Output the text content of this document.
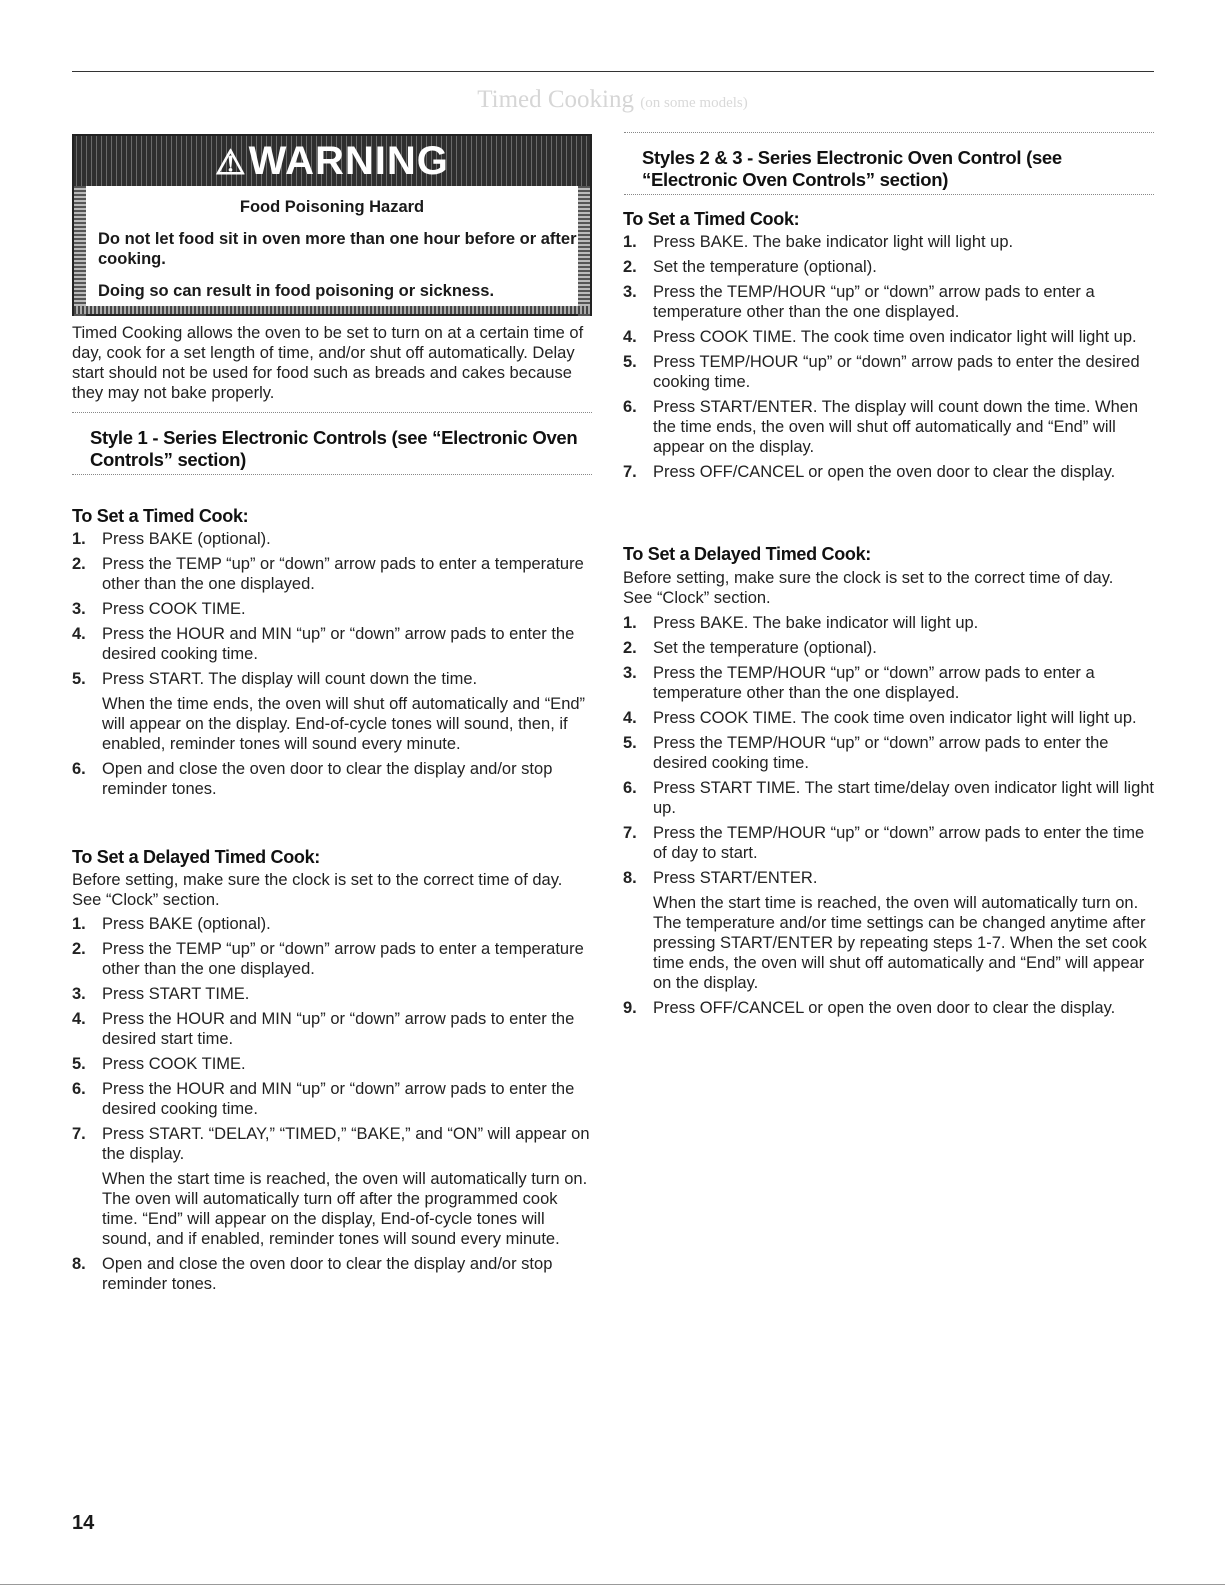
Timed Cooking (on some models)
⚠WARNING
Food Poisoning Hazard
Do not let food sit in oven more than one hour before or after cooking.
Doing so can result in food poisoning or sickness.

Timed Cooking allows the oven to be set to turn on at a certain time of day, cook for a set length of time, and/or shut off automatically. Delay start should not be used for food such as breads and cakes because they may not bake properly.

Style 1 - Series Electronic Controls (see “Electronic Oven Controls” section)
To Set a Timed Cook:
1. Press BAKE (optional).
2. Press the TEMP “up” or “down” arrow pads to enter a temperature other than the one displayed.
3. Press COOK TIME.
4. Press the HOUR and MIN “up” or “down” arrow pads to enter the desired cooking time.
5. Press START. The display will count down the time.
When the time ends, the oven will shut off automatically and “End” will appear on the display. End-of-cycle tones will sound, then, if enabled, reminder tones will sound every minute.
6. Open and close the oven door to clear the display and/or stop reminder tones.
To Set a Delayed Timed Cook:

Before setting, make sure the clock is set to the correct time of day. See “Clock” section.

1. Press BAKE (optional).
2. Press the TEMP “up” or “down” arrow pads to enter a temperature other than the one displayed.
3. Press START TIME.
4. Press the HOUR and MIN “up” or “down” arrow pads to enter the desired start time.
5. Press COOK TIME.
6. Press the HOUR and MIN “up” or “down” arrow pads to enter the desired cooking time.
7. Press START. “DELAY,” “TIMED,” “BAKE,” and “ON” will appear on the display.
When the start time is reached, the oven will automatically turn on. The oven will automatically turn off after the programmed cook time. “End” will appear on the display, End-of-cycle tones will sound, and if enabled, reminder tones will sound every minute.
8. Open and close the oven door to clear the display and/or stop reminder tones.
Styles 2 & 3 - Series Electronic Oven Control (see “Electronic Oven Controls” section)
To Set a Timed Cook:
1. Press BAKE. The bake indicator light will light up.
2. Set the temperature (optional).
3. Press the TEMP/HOUR “up” or “down” arrow pads to enter a temperature other than the one displayed.
4. Press COOK TIME. The cook time oven indicator light will light up.
5. Press TEMP/HOUR “up” or “down” arrow pads to enter the desired cooking time.
6. Press START/ENTER. The display will count down the time. When the time ends, the oven will shut off automatically and “End” will appear on the display.
7. Press OFF/CANCEL or open the oven door to clear the display.
To Set a Delayed Timed Cook:

Before setting, make sure the clock is set to the correct time of day. See “Clock” section.

1. Press BAKE. The bake indicator will light up.
2. Set the temperature (optional).
3. Press the TEMP/HOUR “up” or “down” arrow pads to enter a temperature other than the one displayed.
4. Press COOK TIME. The cook time oven indicator light will light up.
5. Press the TEMP/HOUR “up” or “down” arrow pads to enter the desired cooking time.
6. Press START TIME. The start time/delay oven indicator light will light up.
7. Press the TEMP/HOUR “up” or “down” arrow pads to enter the time of day to start.
8. Press START/ENTER.
When the start time is reached, the oven will automatically turn on. The temperature and/or time settings can be changed anytime after pressing START/ENTER by repeating steps 1-7. When the set cook time ends, the oven will shut off automatically and “End” will appear on the display.
9. Press OFF/CANCEL or open the oven door to clear the display.
14
